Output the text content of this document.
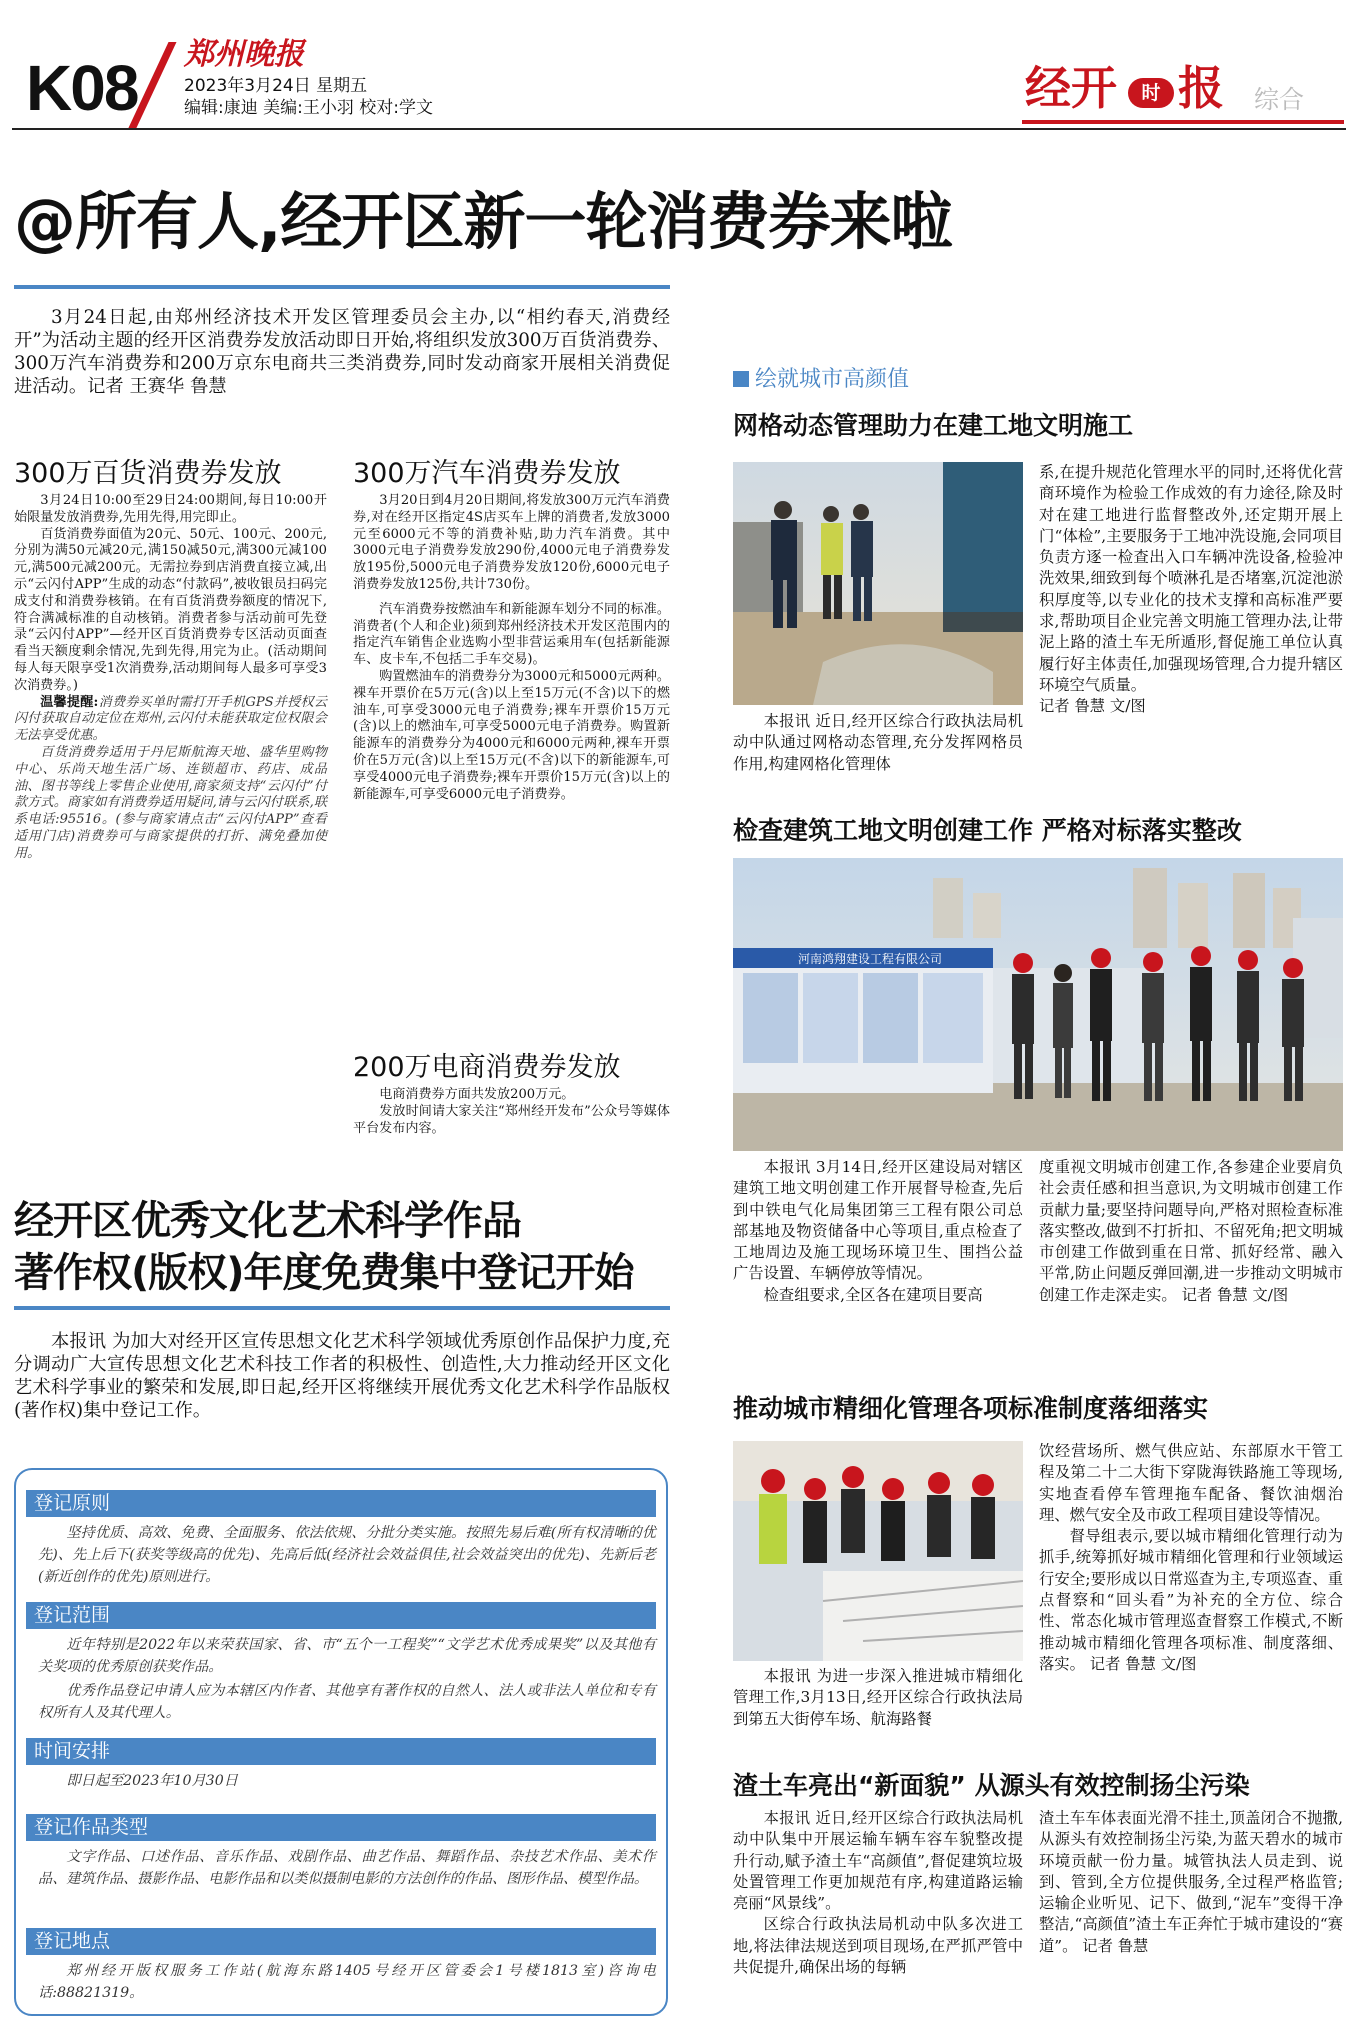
K08 郑州晚报
2023年3月24日 星期五
编辑:康迪 美编:王小羽 校对:学文	经开	时 报 综合
@所有人,经开区新一轮消费券来啦
3月24日起,由郑州经济技术开发区管理委员会主办,以“相约春天,消费经开”为活动主题的经开区消费券发放活动即日开始,将组织发放300万百货消费券、300万汽车消费券和200万京东电商共三类消费券,同时发动商家开展相关消费促进活动。记者 王赛华 鲁慧
300万百货消费券发放

3月24日10:00至29日24:00期间,每日10:00开始限量发放消费券,先用先得,用完即止。

百货消费券面值为20元、50元、100元、200元,分别为满50元减20元,满150减50元,满300元减100元,满500元减200元。无需拉券到店消费直接立减,出示“云闪付APP”生成的动态“付款码”,被收银员扫码完成支付和消费券核销。在有百货消费券额度的情况下,符合满减标准的自动核销。消费者参与活动前可先登录“云闪付APP”—经开区百货消费券专区活动页面查看当天额度剩余情况,先到先得,用完为止。(活动期间每人每天限享受1次消费券,活动期间每人最多可享受3次消费券。)

温馨提醒:消费券买单时需打开手机GPS并授权云闪付获取自动定位在郑州,云闪付未能获取定位权限会无法享受优惠。

百货消费券适用于丹尼斯航海天地、盛华里购物中心、乐尚天地生活广场、连锁超市、药店、成品油、图书等线上零售企业使用,商家须支持“云闪付”付款方式。商家如有消费券适用疑问,请与云闪付联系,联系电话:95516。(参与商家请点击“云闪付APP”查看适用门店)消费券可与商家提供的打折、满免叠加使用。

300万汽车消费券发放

3月20日到4月20日期间,将发放300万元汽车消费券,对在经开区指定4S店买车上牌的消费者,发放3000元至6000元不等的消费补贴,助力汽车消费。其中3000元电子消费券发放290份,4000元电子消费券发放195份,5000元电子消费券发放120份,6000元电子消费券发放125份,共计730份。

汽车消费券按燃油车和新能源车划分不同的标准。消费者(个人和企业)须到郑州经济技术开发区范围内的指定汽车销售企业选购小型非营运乘用车(包括新能源车、皮卡车,不包括二手车交易)。

购置燃油车的消费券分为3000元和5000元两种。裸车开票价在5万元(含)以上至15万元(不含)以下的燃油车,可享受3000元电子消费券;裸车开票价15万元(含)以上的燃油车,可享受5000元电子消费券。购置新能源车的消费券分为4000元和6000元两种,裸车开票价在5万元(含)以上至15万元(不含)以下的新能源车,可享受4000元电子消费券;裸车开票价15万元(含)以上的新能源车,可享受6000元电子消费券。

200万电商消费券发放

电商消费券方面共发放200万元。

发放时间请大家关注“郑州经开发布”公众号等媒体平台发布内容。

经开区优秀文化艺术科学作品
著作权(版权)年度免费集中登记开始
本报讯 为加大对经开区宣传思想文化艺术科学领域优秀原创作品保护力度,充分调动广大宣传思想文化艺术科技工作者的积极性、创造性,大力推动经开区文化艺术科学事业的繁荣和发展,即日起,经开区将继续开展优秀文化艺术科学作品版权(著作权)集中登记工作。
登记原则
坚持优质、高效、免费、全面服务、依法依规、分批分类实施。按照先易后难(所有权清晰的优先)、先上后下(获奖等级高的优先)、先高后低(经济社会效益俱佳,社会效益突出的优先)、先新后老(新近创作的优先)原则进行。
登记范围
近年特别是2022年以来荣获国家、省、市“五个一工程奖”“文学艺术优秀成果奖”以及其他有关奖项的优秀原创获奖作品。
优秀作品登记申请人应为本辖区内作者、其他享有著作权的自然人、法人或非法人单位和专有权所有人及其代理人。
时间安排
即日起至2023年10月30日
登记作品类型
文字作品、口述作品、音乐作品、戏剧作品、曲艺作品、舞蹈作品、杂技艺术作品、美术作品、建筑作品、摄影作品、电影作品和以类似摄制电影的方法创作的作品、图形作品、模型作品。
登记地点
郑州经开版权服务工作站(航海东路1405号经开区管委会1号楼1813室)咨询电话:88821319。
绘就城市高颜值
网格动态管理助力在建工地文明施工
本报讯 近日,经开区综合行政执法局机动中队通过网格动态管理,充分发挥网格员作用,构建网格化管理体
系,在提升规范化管理水平的同时,还将优化营商环境作为检验工作成效的有力途径,除及时对在建工地进行监督整改外,还定期开展上门“体检”,主要服务于工地冲洗设施,会同项目负责方逐一检查出入口车辆冲洗设备,检验冲洗效果,细致到每个喷淋孔是否堵塞,沉淀池淤积厚度等,以专业化的技术支撑和高标准严要求,帮助项目企业完善文明施工管理办法,让带泥上路的渣土车无所遁形,督促施工单位认真履行好主体责任,加强现场管理,合力提升辖区环境空气质量。
记者 鲁慧 文/图
检查建筑工地文明创建工作 严格对标落实整改
河南鸿翔建设工程有限公司

本报讯 3月14日,经开区建设局对辖区建筑工地文明创建工作开展督导检查,先后到中铁电气化局集团第三工程有限公司总部基地及物资储备中心等项目,重点检查了工地周边及施工现场环境卫生、围挡公益广告设置、车辆停放等情况。

检查组要求,全区各在建项目要高

度重视文明城市创建工作,各参建企业要肩负社会责任感和担当意识,为文明城市创建工作贡献力量;要坚持问题导向,严格对照检查标准落实整改,做到不打折扣、不留死角;把文明城市创建工作做到重在日常、抓好经常、融入平常,防止问题反弹回潮,进一步推动文明城市创建工作走深走实。 记者 鲁慧 文/图
推动城市精细化管理各项标准制度落细落实
本报讯 为进一步深入推进城市精细化管理工作,3月13日,经开区综合行政执法局到第五大街停车场、航海路餐

饮经营场所、燃气供应站、东部原水干管工程及第二十二大街下穿陇海铁路施工等现场,实地查看停车管理拖车配备、餐饮油烟治理、燃气安全及市政工程项目建设等情况。

督导组表示,要以城市精细化管理行动为抓手,统筹抓好城市精细化管理和行业领域运行安全;要形成以日常巡查为主,专项巡查、重点督察和“回头看”为补充的全方位、综合性、常态化城市管理巡查督察工作模式,不断推动城市精细化管理各项标准、制度落细、落实。 记者 鲁慧 文/图

渣土车亮出“新面貌” 从源头有效控制扬尘污染

本报讯 近日,经开区综合行政执法局机动中队集中开展运输车辆车容车貌整改提升行动,赋予渣土车“高颜值”,督促建筑垃圾处置管理工作更加规范有序,构建道路运输亮丽“风景线”。

区综合行政执法局机动中队多次进工地,将法律法规送到项目现场,在严抓严管中共促提升,确保出场的每辆

渣土车车体表面光滑不挂土,顶盖闭合不抛撒,从源头有效控制扬尘污染,为蓝天碧水的城市环境贡献一份力量。城管执法人员走到、说到、管到,全方位提供服务,全过程严格监管;运输企业听见、记下、做到,“泥车”变得干净整洁,“高颜值”渣土车正奔忙于城市建设的“赛道”。 记者 鲁慧
